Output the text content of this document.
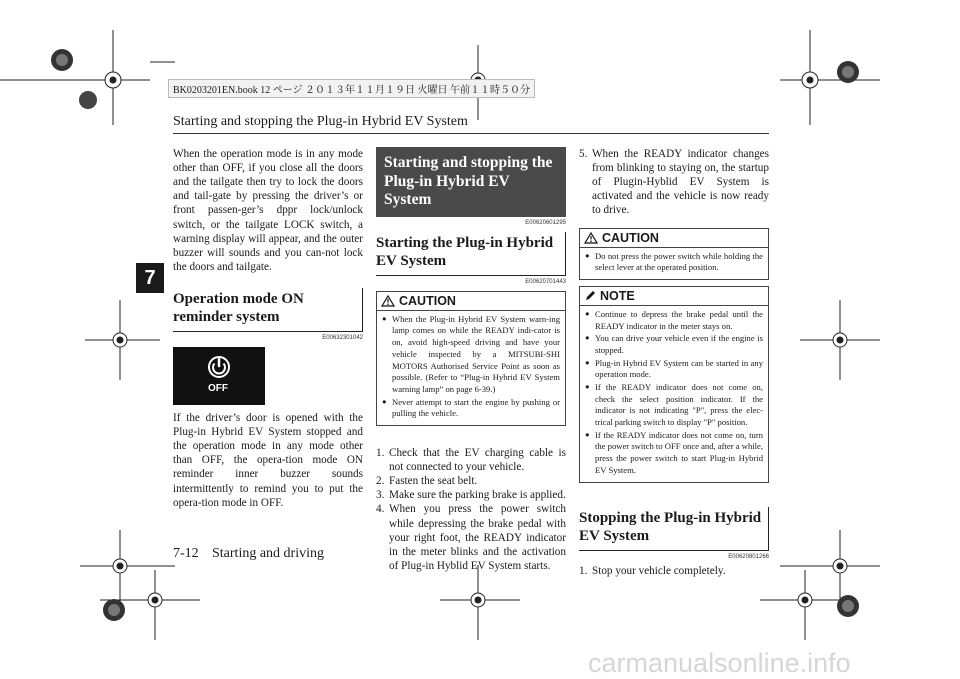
BK0203201EN.book 12 ページ ２０１３年１１月１９日 火曜日 午前１１時５０分
Starting and stopping the Plug-in Hybrid EV System
7

When the operation mode is in any mode other than OFF, if you close all the doors and the tailgate then try to lock the doors and tail-gate by pressing the driver’s or front passen-ger’s dppr lock/unlock switch, or the tailgate LOCK switch, a warning display will appear, and the outer buzzer will sounds and you can-not lock the doors and tailgate.

Operation mode ON reminder system
E00632301042
OFF

If the driver’s door is opened with the Plug-in Hybrid EV System stopped and the operation mode in any mode other than OFF, the opera-tion mode ON reminder inner buzzer sounds intermittently to remind you to put the opera-tion mode in OFF.

Starting and stopping the Plug-in Hybrid EV System
E00620601295
Starting the Plug-in Hybrid EV System
E00620701443
CAUTION
● When the Plug-in Hybrid EV System warn-ing lamp comes on while the READY indi-cator is on, avoid high-speed driving and have your vehicle inspected by a MITSUBI-SHI MOTORS Authorised Service Point as soon as possible. (Refer to “Plug-in Hybrid EV System warning lamp” on page 6-39.)
● Never attempt to start the engine by pushing or pulling the vehicle.
1. Check that the EV charging cable is not connected to your vehicle.
2. Fasten the seat belt.
3. Make sure the parking brake is applied.
4. When you press the power switch while depressing the brake pedal with your right foot, the READY indicator in the meter blinks and the activation of Plug-in Hyblid EV System starts.
5. When the READY indicator changes from blinking to staying on, the startup of Plugin-Hyblid EV System is activated and the vehicle is now ready to drive.
CAUTION
● Do not press the power switch while holding the select lever at the operated position.
NOTE
● Continue to depress the brake pedal until the READY indicator in the meter stays on.
● You can drive your vehicle even if the engine is stopped.
● Plug-in Hybrid EV System can be started in any operation mode.
● If the READY indicator does not come on, check the select position indicator. If the indicator is not indicating "P", press the elec-trical parking switch to display "P" position.
● If the READY indicator does not come on, turn the power switch to OFF once and, after a while, press the power switch to start Plug-in Hybrid EV System.
Stopping the Plug-in Hybrid EV System
E00620801266
1. Stop your vehicle completely.
7-12 Starting and driving
carmanualsonline.info
